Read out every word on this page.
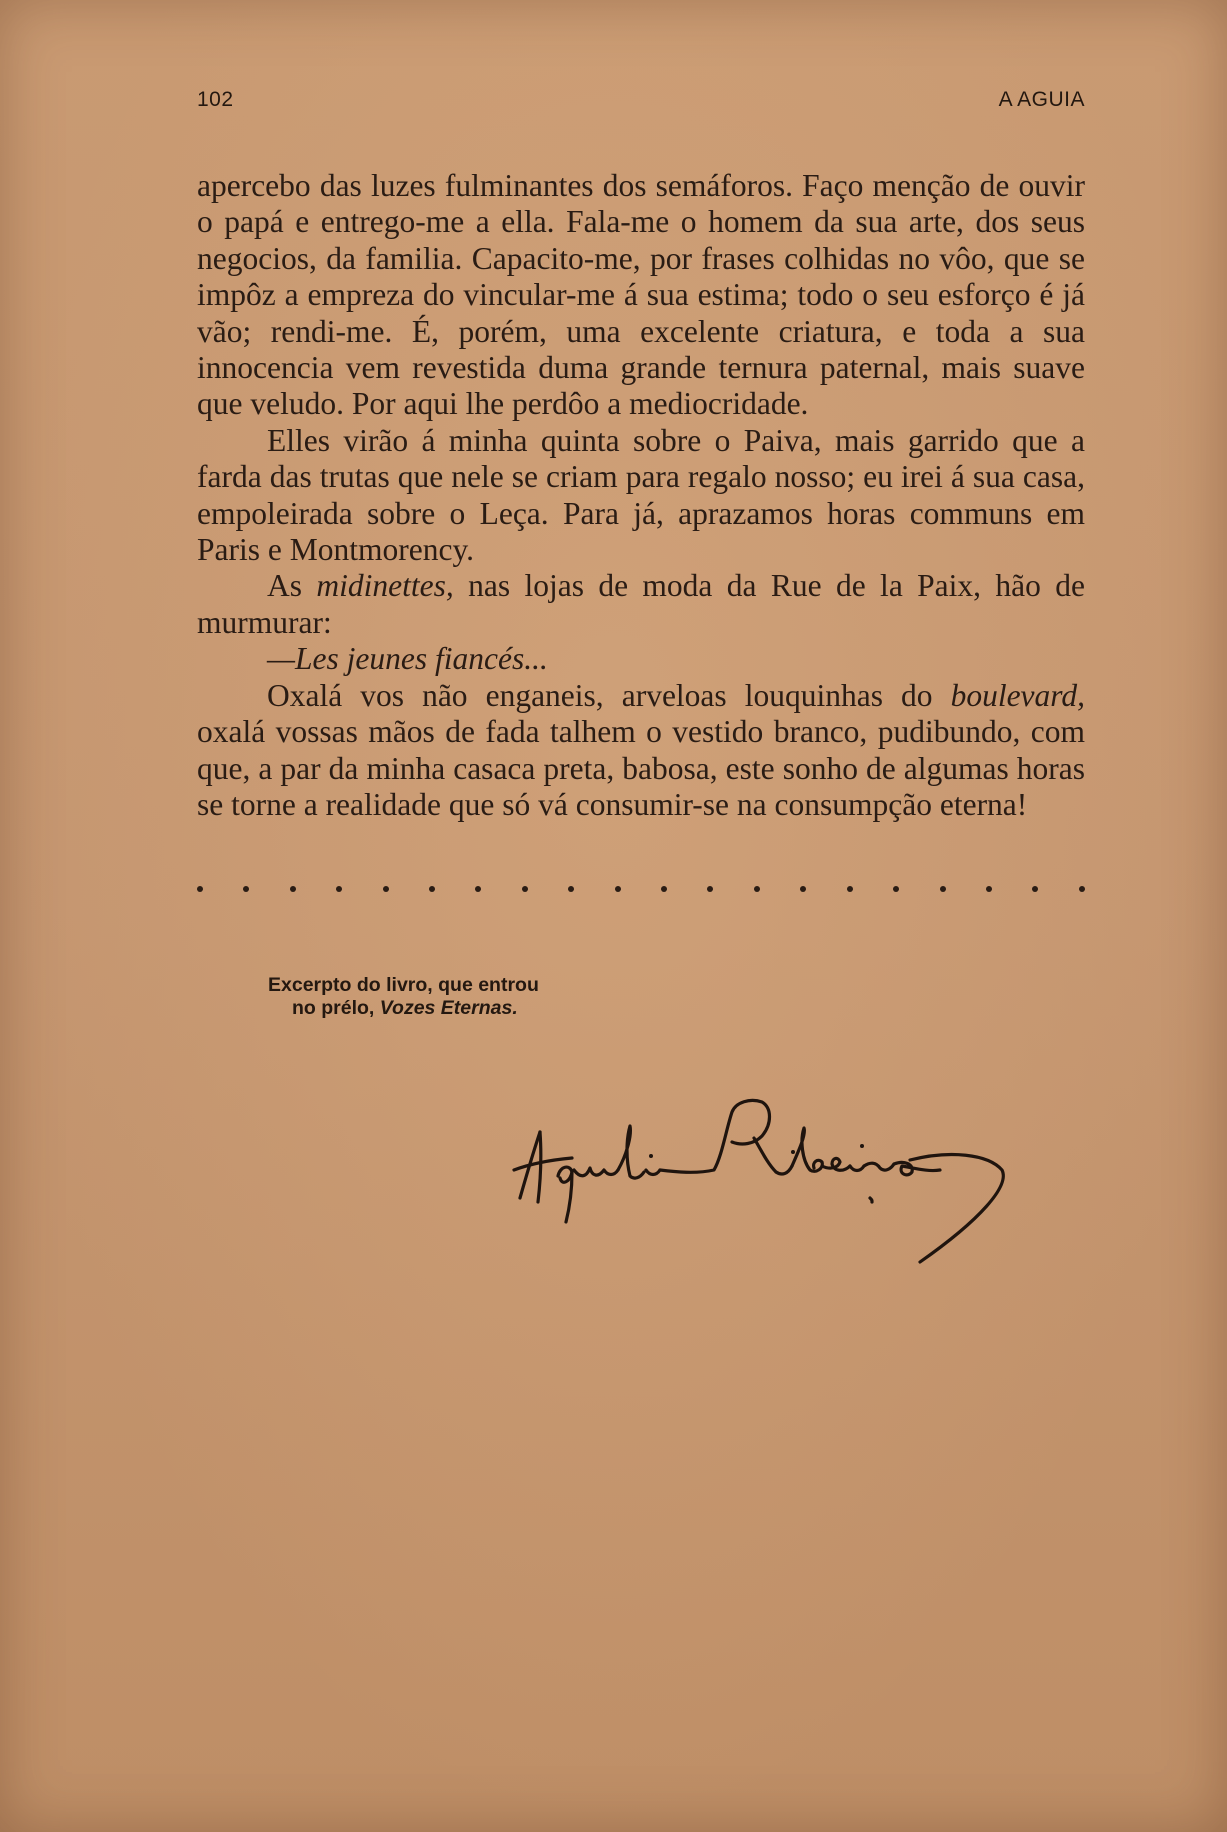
102	A AGUIA

apercebo das luzes fulminantes dos semáforos. Faço menção de ouvir o papá e entrego-me a ella. Fala-me o homem da sua arte, dos seus negocios, da familia. Capacito-me, por frases colhidas no vôo, que se impôz a empreza do vincular-me á sua estima; todo o seu esforço é já vão; rendi-me. É, porém, uma excelente criatura, e toda a sua innocencia vem revestida duma grande ternura paternal, mais suave que veludo. Por aqui lhe perdôo a mediocridade.

Elles virão á minha quinta sobre o Paiva, mais garrido que a farda das trutas que nele se criam para regalo nosso; eu irei á sua casa, empoleirada sobre o Leça. Para já, aprazamos horas communs em Paris e Montmorency.

As midinettes, nas lojas de moda da Rue de la Paix, hão de murmurar:

—Les jeunes fiancés...

Oxalá vos não enganeis, arveloas louquinhas do boulevard, oxalá vossas mãos de fada talhem o vestido branco, pudibundo, com que, a par da minha casaca preta, babosa, este sonho de algumas horas se torne a realidade que só vá consumir-se na consumpção eterna!

Excerpto do livro, que entrou
no prélo, Vozes Eternas.
